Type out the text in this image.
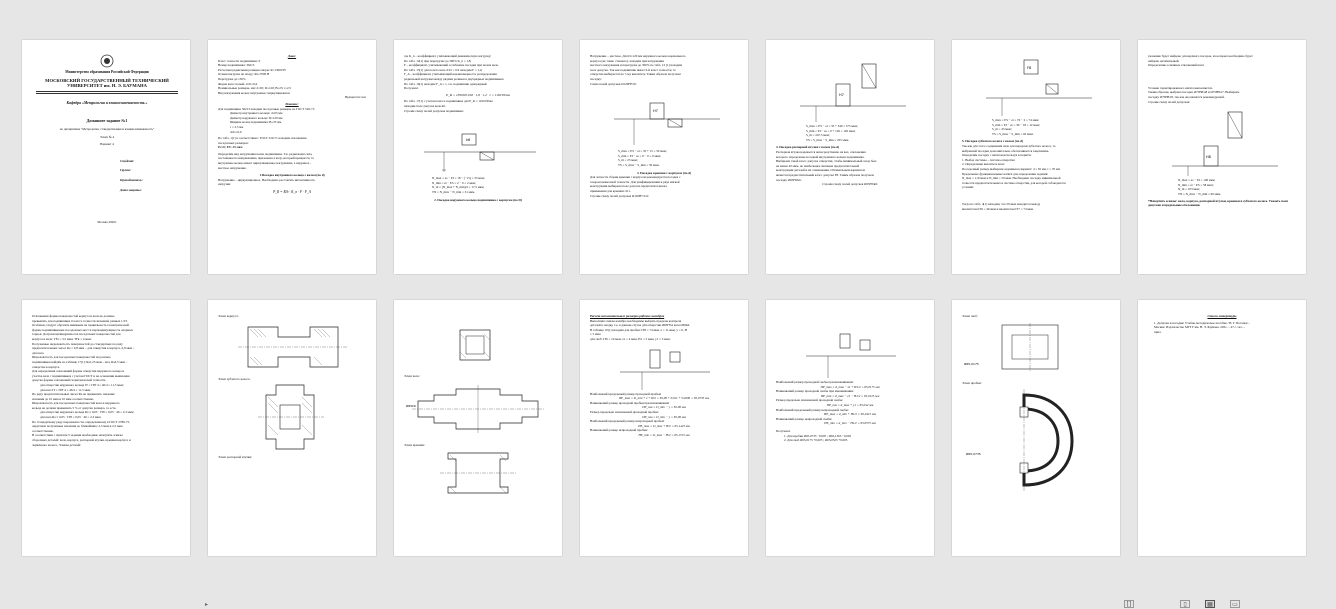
Министерство образования Российской Федерации
МОСКОВСКИЙ ГОСУДАРСТВЕННЫЙ ТЕХНИЧЕСКИЙ УНИВЕРСИТЕТ им. Н. Э. БАУМАНА
Кафедра «Метрология и взаимозаменяемость »
Домашнее задание №1
по дисциплине "Метрология, стандартизация и взаимозаменяемость"
Эскиз № 4
Вариант 4
Студент:
Группа:
Преподаватель:
Дата защиты:
Москва 2020г.
Дано:
Класс точности подшипника: 0
Номер подшипника: 36213
Расчетная радиальная реакция опоры: R=13000 Н
Осевая нагрузка на опору: Ra=7000 Н
Перегрузка до 150%
Форма вала: полый, d/d1=0,6
Номинальные размеры, мм: d=65; D=120; B=23; r=2,5
Вид нагружения колец: внутреннее: циркуляционное
Вращается: вал
Решение:
Для подшипника 36213 находим посадочные размеры по ГОСТ 520-71:
Диаметр внутреннего кольца: d=65 мм
Диаметр наружного кольца: D=120 мм
Ширина колец подшипника: B=23 мм
r = 2,5 мм
d/d1=0,6
По табл. 1[1] в соответствии с ГОСТ 520-71 находим отклонения
посадочных размеров:
Es=0; Ei=-15 мкм
Определим вид нагружения колец подшипника. Т.к. радиальная сила,
постоянная по направлению, приложена к валу, который вращается, то
внутреннее кольцо имеет циркуляционное нагружение, а наружное -
местное нагружение.
1.Посадка внутреннего кольца с валом (по d)
Нагружение – циркуляционное. Необходимо рассчитать интенсивность
нагрузки:
P_R = R/b · K_n · F · F_A
где K_n – коэффициент, учитывающий динамическую нагрузку;
По табл. 14[1] при перегрузке до 300% K_n = 1,8;
F – коэффициент, учитывающий ослабление посадки при полом вале.
По табл. 15[1] для полого вала d/d1 = 0,6 находим F = 1,4;
F_A – коэффициент, учитывающий неравномерность распределения
радиальной нагрузки между рядами роликов в двухрядных подшипниках.
По табл. 16[1] находим F_A = 1, т.к. подшипник однорядный.
Получаем:
P_R = 13000/0,018 · 1,8 · 1,4 · 1 = 1160 Н/мм
По табл. 17[1] с учетом класса подшипника для P_R = 1160 Н/мм
находим поле допуска вала k6.
Строим схему полей допусков подшипника:
k6
N_max = es − EI = 18 − (−15) = 33 мкм;
N_min = ei − ES = 2 − 0 = 2 мкм;
N_m = (N_max + N_min)/2 = 17,5 мкм;
TN = N_max − N_min = 31 мкм.
2. Посадка наружного кольца подшипника с корпусом (по D)
Нагружение – местное. Для D=120 мм наружного кольца нормального
корпуса (не тонко стенного), находим при нагружении
местного нагружения и перегрузке до 300% по табл. 12 [1] находим
поле допуска. Так как подшипник имеет 0-й класс точности, то
отверстие выбирается по 7-му квалитету. Таким образом получаем
посадку:
Схема полей допусков Ø120H7/l0:
H7
S_max = ES − ei = 35 + 15 = 50 мкм;
S_min = EI − es = 0 − 0 = 0 мкм;
S_m = 25 мкм;
TS = S_max − S_min = 50 мкм.
3. Посадка крышки с корпусом (по d)
Для легкости сборки крышки с корпусом рекомендуется посадка с
зазором невысокой точности. Для унифицирования и ряда мягкой
конструкции выбираем поле допуска предпочтительного
применения для крышки: d11.
Строим схему полей допусков Ø120H7/d11:
H7
S_max = ES − ei = 35 + 340 = 375 мкм;
S_min = EI − es = 0 + 120 = 120 мкм;
S_m = 247,5 мкм;
TS = S_max − S_min = 255 мкм.
4. Посадка распорной втулки с валом (по d)
Распорная втулка надевается непосредственно на вал, отклонения
которого определены посадкой внутреннего кольца подшипника.
Выбираем такой класс допуска отверстия, чтобы минимальный зазор был
не менее 20 мкм, но наибольшее значение предпочтительной
конструкции деталей и их совмещения. Оптимальным вариантом
является предпочтительный класс допуска F8. Таким образом получаем
посадку Ø65F8/k6.
Строим схему полей допусков Ø65F8/k6:
F8
S_max = ES − ei = 76 − 2 = 74 мкм;
S_min = EI − es = 30 − 18 = 12 мкм;
S_m = 43 мкм;
TS = S_max − S_min = 62 мкм.
5. Посадка зубчатого колеса с валом (по d)
Так как для этого соединения сила для передачи зубчатого колеса, то
выбранной посадки дополнительно обеспечивается зацепление.
Определим посадку с натягом используя алгоритм:
1. Выбор системы – система отверстия
2. Определение квалитета вала:
Посадочный размер выбираем заданным в вариант: d = 65 мм, l = 70 мм
Предельные функциональные натяги для определения задания:
N_max = 110 мкм и N_min = 50 мкм. Необходимо посадку минимальной
точности предпочтительных и системе отверстия, для которой соблюдаются
условия:
Тогда по табл. 4[1] находим, что 50 мкм находится между
квалитетом IT6 = 46 мкм и квалитетом IT7 = 74 мкм.
указанию будет найдено для верхнего посадок, из которых необходимо будет
найдено оптимальный.
Определение основных отклонений вала:
Условие гарантированного натяга выполняется.
Таким образом, выбрана посадка Ø75H8/u8 и Ø75H8/s7. Выбираем
посадку Ø75H8/s8, так как она является рекомендуемой.
Строим схему полей допусков:
H8
N_max = es − EI = 148 мкм;
N_min = ei − ES = 58 мкм;
N_m = 103 мкм;
TN = N_max − N_min = 90 мкм.
*Начертить эскизы: вала, корпуса, распорной втулки, крышки и зубчатого колеса. Указать поля допусков и предельные отклонения.
Отклонения формы поверхностей корпуса и вала не должны
превышать для подшипника 0 класса точности значений, равных 1/2Т.
Особенно следует обратить внимание на правильность геометрической
формы подшипниковых посадочных мест и перпендикулярность опорных
торцов. Допуски цилиндричности посадочных поверхностей для
корпуса и вала: TFa = 3,5 мкм; TFk = 4 мкм.
Получаемые шероховатость поверхностей до стандартных по ряду
предпочтительных чисел Ra = 0,8 мкм – для отверстия в корпусе, 0,8 мкм –
для вала.
Шероховатость для посадочных поверхностей под кольца
подшипников найдём по таблице 17[1]: Ra1,25 мкм – вал, Ra2,5 мкм –
отверстие в корпусе.
Для определения отклонений формы отверстия наружного кольца и
участка вала с подшипником с учетом ГОСТ и на основании выявления
допуска формы отклонений геометрической точности.
для отверстия наружного кольца IT = IT8·4 = 46/4 = 11,5 мкм;
для вала IT = IT8·4 = 46/4 = 11,5 мкм.
По ряду предпочтительных чисел Ra не превышать значение
значения до 10 мкм и 10 мкм соответственно.
Шероховатость для посадочных поверхностей вала и наружного
кольца не должна превышать 5 % от допуска размера, то есть:
для отверстия наружного кольца Ra ≤ 0,05 · IT8 = 0,05 · 46 = 2,3 мкм;
для вала Ra ≤ 0,05 · IT8 = 0,05 · 46 = 2,3 мкм.
По стандартному ряду шероховатости, определенному в ГОСТ 2789-73,
округляем полученные значения до ближайших: 2,5 мкм и 2,5 мкм
соответственно.
В соответствии с пунктом 5 задания необходимо начертить эскизы
сборочных деталей: вала, корпуса, распорной втулки, крышки корпуса и
червячного колеса. Эскизы деталей:
Эскиз корпуса:
Эскиз зубчатого колеса:
Эскиз распорной втулки:
Эскиз вала:
Ø65k6
Эскиз крышки:
Расчет исполнительных размеров рабочих калибров
Выполним эскизы калибра необходимы выбрать пределы контроля
деталей в сводку, т.е. в данном случае для отверстия Ø65F8 и вала Ø65k6.
В таблице 10[1] находим для пробки: IT8 = 74 мкм, z = 11 мкм, y = 0, H
= 5 мкм
для скоб: IT6 = 19 мкм, z1 = 4 мкм, H1 = 5 мкм, y1 = 3 мкм.
Наибольший предельный размер проходной пробки:
ПР_max = D_min + z + H/2 = 65,06 + 0,011 + 5/2000 = 65,0735 мм
Наименьший размер проходной пробки при изнашивании:
ПР_изн = D_min − y = 65,06 мм
Размер предельно изношенной проходной пробки:
ПР_изн = D_min − y = 65,06 мм
Наибольший предельный размер непроходной пробки:
НЕ_max = D_max + H/2 = 65,1425 мм
Наименьший размер непроходной пробки:
НЕ_min = D_max − H/2 = 65,1315 мм
Наибольший размер проходной скобы при изнашивании:
ПР_max = d_max − z1 + H1/2 = 65,0175 мм
Наименьший размер проходной скобы при изнашивании:
ПР_min = d_max − z1 − H1/2 = 65,0125 мм
Размер предельно изношенной проходной скобы:
ПР_изн = d_max + y1 = 65,042 мм
Наибольший предельный размер непроходной скобы:
НЕ_max = d_min + H1/2 = 65,0415 мм
Наименьший размер непроходной скобы:
НЕ_min = d_min − H1/2 = 65,0375 мм
Получаем:
1. Для пробки Ø65,0735 −0,005 ; Ø65,1365 −0,005
2. Для скоб Ø65,0175 +0,005 ; Ø65,0525 +0,005
Эскиз скоб:
Ø65,0175
Эскиз пробки:
Ø65,0735
Список литературы
1. Допуски и посадки: Учебно-методическое пособие / В. Г. Потапов –
Москва: Издательство МГТУ им. Н. Э. Баумана, 2021. – 47 с.: ил. –
прил.
▸	[]	▯	▦	▭
